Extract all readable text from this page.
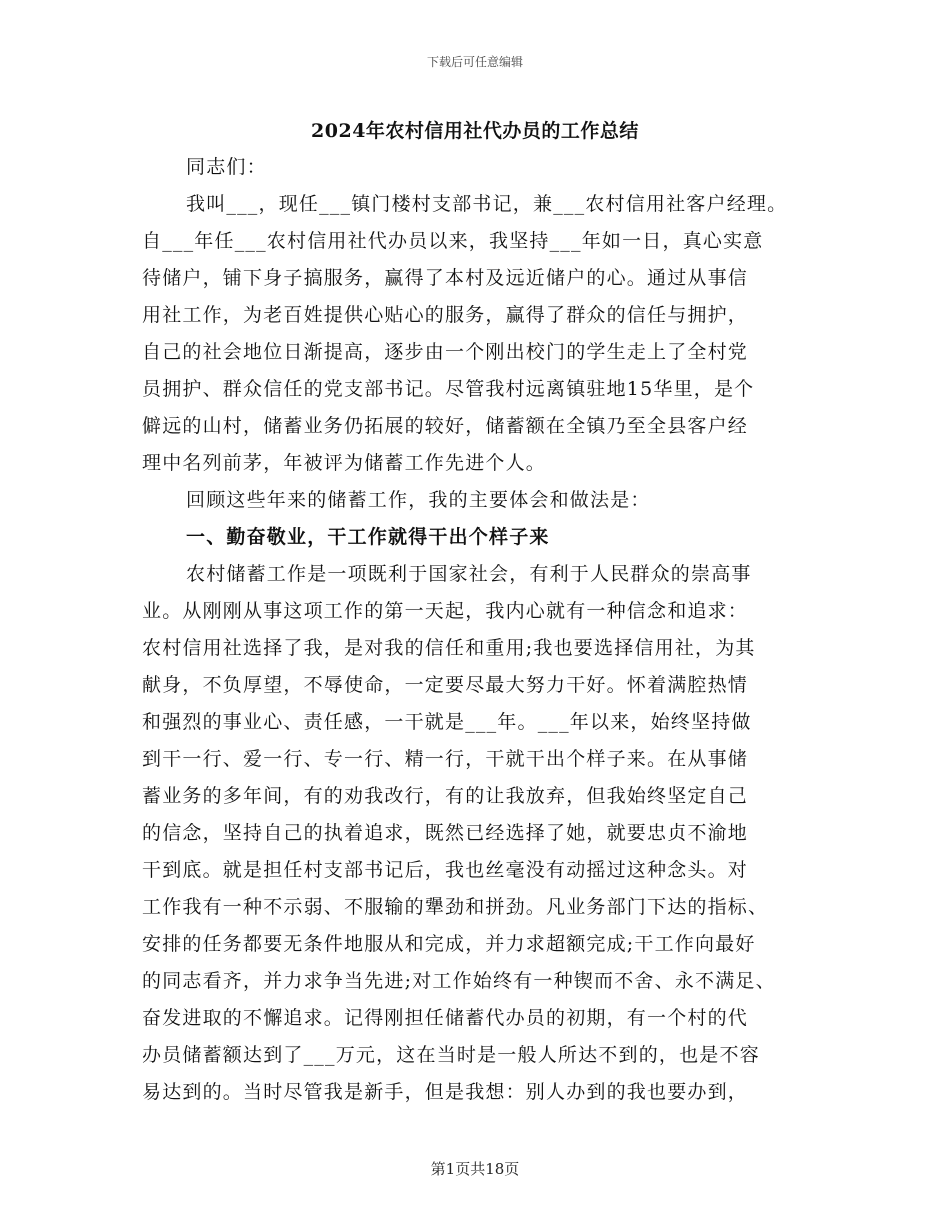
下载后可任意编辑
2024年农村信用社代办员的工作总结
同志们：
我叫___，现任___镇门楼村支部书记，兼___农村信用社客户经理。
自___年任___农村信用社代办员以来，我坚持___年如一日，真心实意
待储户，铺下身子搞服务，赢得了本村及远近储户的心。通过从事信
用社工作，为老百姓提供心贴心的服务，赢得了群众的信任与拥护，
自己的社会地位日渐提高，逐步由一个刚出校门的学生走上了全村党
员拥护、群众信任的党支部书记。尽管我村远离镇驻地15华里，是个
僻远的山村，储蓄业务仍拓展的较好，储蓄额在全镇乃至全县客户经
理中名列前茅，年被评为储蓄工作先进个人。
回顾这些年来的储蓄工作，我的主要体会和做法是：
一、勤奋敬业，干工作就得干出个样子来
农村储蓄工作是一项既利于国家社会，有利于人民群众的崇高事
业。从刚刚从事这项工作的第一天起，我内心就有一种信念和追求：
农村信用社选择了我，是对我的信任和重用;我也要选择信用社，为其
献身，不负厚望，不辱使命，一定要尽最大努力干好。怀着满腔热情
和强烈的事业心、责任感，一干就是___年。___年以来，始终坚持做
到干一行、爱一行、专一行、精一行，干就干出个样子来。在从事储
蓄业务的多年间，有的劝我改行，有的让我放弃，但我始终坚定自己
的信念，坚持自己的执着追求，既然已经选择了她，就要忠贞不渝地
干到底。就是担任村支部书记后，我也丝毫没有动摇过这种念头。对
工作我有一种不示弱、不服输的犟劲和拼劲。凡业务部门下达的指标、
安排的任务都要无条件地服从和完成，并力求超额完成;干工作向最好
的同志看齐，并力求争当先进;对工作始终有一种锲而不舍、永不满足、
奋发进取的不懈追求。记得刚担任储蓄代办员的初期，有一个村的代
办员储蓄额达到了___万元，这在当时是一般人所达不到的，也是不容
易达到的。当时尽管我是新手，但是我想：别人办到的我也要办到，
第1页共18页
